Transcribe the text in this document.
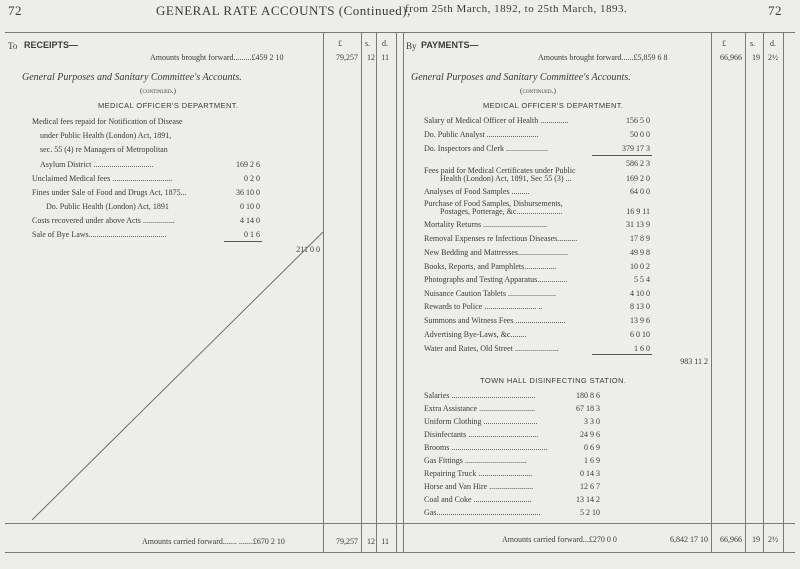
72	GENERAL RATE ACCOUNTS (Continued),
from 25th March, 1892, to 25th March, 1893.	72
To RECEIPTS—	£	s. d.
Amounts brought forward.........£459 2 10	79,257	12 11
General Purposes and Sanitary Committee's Accounts.
(continued.)
MEDICAL OFFICER'S DEPARTMENT.
Medical fees repaid for Notification of Disease
under Public Health (London) Act, 1891,
sec. 55 (4) re Managers of Metropolitan
Asylum District ..............................	169 2 6
Unclaimed Medical fees ..............................	0 2 0
Fines under Sale of Food and Drugs Act, 1875...	36 10 0
Do. Public Health (London) Act, 1891	0 10 0
Costs recovered under above Acts ................	4 14 0
Sale of Bye Laws.......................................	0 1 6
211 0 0
Amounts carried forward....... .......£670 2 10	79,257	12 11
By PAYMENTS—	£	s. d.
Amounts brought forward......£5,859 6 8	66,966	19	2½
General Purposes and Sanitary Committee's Accounts.
(continued.)
MEDICAL OFFICER'S DEPARTMENT.
Salary of Medical Officer of Health ..............	156 5 0
Do. Public Analyst ..........................	50 0 0
Do. Inspectors and Clerk .....................	379 17 3
586 2 3
Fees paid for Medical Certificates under Public
Health (London) Act, 1891, Sec 55 (3) ...	169 2 0
Analyses of Food Samples .........	64 0 0
Purchase of Food Samples, Disbursements,
Postages, Porterage, &c.......................	16 9 11
Mortality Returns ................................	31 13 9
Removal Expenses re Infectious Diseases..........	17 8 9
New Bedding and Mattresses.........................	49 9 8
Books, Reports, and Pamphlets................	10 0 2
Photographs and Testing Apparatus...............	5 5 4
Nuisance Caution Tablets ........................	4 10 0
Rewards to Police .......................... ..	8 13 0
Summons and Witness Fees .........................	13 9 6
Advertising Bye-Laws, &c........	6 0 10
Water and Rates, Old Street ......................	1 6 0
983 11 2
TOWN HALL DISINFECTING STATION.
Salaries ..........................................	180 8 6
Extra Assistance ............................	67 18 3
Uniform Clothing ...........................	3 3 0
Disinfectants ...................................	24 9 6
Brooms ................................................	0 6 9
Gas Fittings ...............................	1 6 9
Repairing Truck ...........................	0 14 3
Horse and Van Hire ......................	12 6 7
Coal and Coke .............................	13 14 2
Gas....................................................	5 2 10
Amounts carried forward...£270 0 0	6,842 17 10	66,966	19	2½
